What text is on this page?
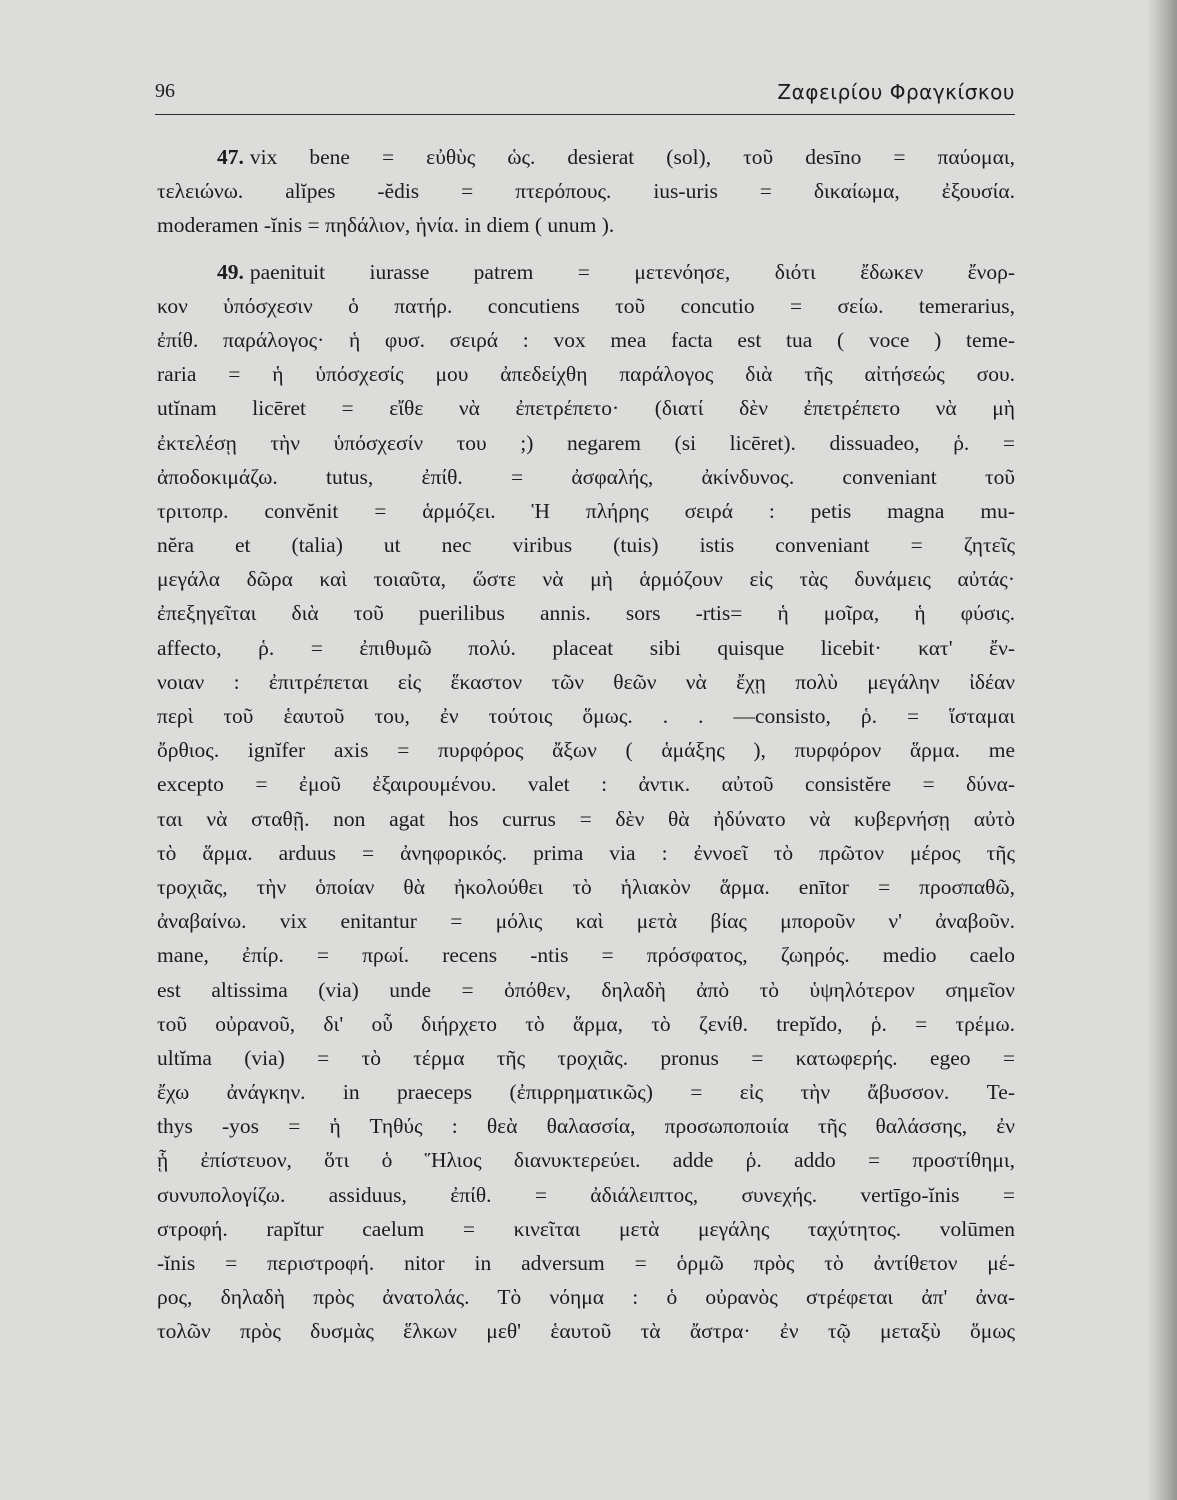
96	Ζαφειρίου Φραγκίσκου
47. vix bene = εὐθὺς ὡς. desierat (sol), τοῦ desīno = παύομαι,
τελειώνω. alĭpes -ĕdis = πτερόπους. ius-uris = δικαίωμα, ἐξουσία.
moderamen -ĭnis = πηδάλιον, ἡνία. in diem ( unum ).
49. paenituit iurasse patrem = μετενόησε, διότι ἔδωκεν ἔνορ-
κον ὑπόσχεσιν ὁ πατήρ. concutiens τοῦ concutio = σείω. temerarius,
ἐπίθ. παράλογος· ἡ φυσ. σειρά : vox mea facta est tua ( voce ) teme-
raria = ἡ ὑπόσχεσίς μου ἀπεδείχθη παράλογος διὰ τῆς αἰτήσεώς σου.
utĭnam licēret = εἴθε νὰ ἐπετρέπετο· (διατί δὲν ἐπετρέπετο νὰ μὴ
ἐκτελέσῃ τὴν ὑπόσχεσίν του ;) negarem (si licēret). dissuadeo, ῥ. =
ἀποδοκιμάζω. tutus, ἐπίθ. = ἀσφαλής, ἀκίνδυνος. conveniant τοῦ
τριτοπρ. convĕnit = ἁρμόζει. Ἡ πλήρης σειρά : petis magna mu-
nĕra et (talia) ut nec viribus (tuis) istis conveniant = ζητεῖς
μεγάλα δῶρα καὶ τοιαῦτα, ὥστε νὰ μὴ ἁρμόζουν εἰς τὰς δυνάμεις αὐτάς·
ἐπεξηγεῖται διὰ τοῦ puerilibus annis. sors -rtis= ἡ μοῖρα, ἡ φύσις.
affecto, ῥ. = ἐπιθυμῶ πολύ. placeat sibi quisque licebit· κατ' ἔν-
νοιαν : ἐπιτρέπεται εἰς ἕκαστον τῶν θεῶν νὰ ἔχῃ πολὺ μεγάλην ἰδέαν
περὶ τοῦ ἑαυτοῦ του, ἐν τούτοις ὅμως. . . —consisto, ῥ. = ἵσταμαι
ὄρθιος. ignĭfer axis = πυρφόρος ἄξων ( ἁμάξης ), πυρφόρον ἅρμα. me
excepto = ἐμοῦ ἐξαιρουμένου. valet : ἀντικ. αὐτοῦ consistĕre = δύνα-
ται νὰ σταθῇ. non agat hos currus = δὲν θὰ ἠδύνατο νὰ κυβερνήσῃ αὐτὸ
τὸ ἅρμα. arduus = ἀνηφορικός. prima via : ἐννοεῖ τὸ πρῶτον μέρος τῆς
τροχιᾶς, τὴν ὁποίαν θὰ ἠκολούθει τὸ ἡλιακὸν ἅρμα. enītor = προσπαθῶ,
ἀναβαίνω. vix enitantur = μόλις καὶ μετὰ βίας μποροῦν ν' ἀναβοῦν.
mane, ἐπίρ. = πρωί. recens -ntis = πρόσφατος, ζωηρός. medio caelo
est altissima (via) unde = ὁπόθεν, δηλαδὴ ἀπὸ τὸ ὑψηλότερον σημεῖον
τοῦ οὐρανοῦ, δι' οὗ διήρχετο τὸ ἅρμα, τὸ ζενίθ. trepĭdo, ῥ. = τρέμω.
ultĭma (via) = τὸ τέρμα τῆς τροχιᾶς. pronus = κατωφερής. egeo =
ἔχω ἀνάγκην. in praeceps (ἐπιρρηματικῶς) = εἰς τὴν ἄβυσσον. Te-
thys -yos = ἡ Τηθύς : θεὰ θαλασσία, προσωποποιία τῆς θαλάσσης, ἐν
ᾗ ἐπίστευον, ὅτι ὁ Ἥλιος διανυκτερεύει. adde ῥ. addo = προστίθημι,
συνυπολογίζω. assiduus, ἐπίθ. = ἀδιάλειπτος, συνεχής. vertīgo-ĭnis =
στροφή. rapĭtur caelum = κινεῖται μετὰ μεγάλης ταχύτητος. volūmen
-ĭnis = περιστροφή. nitor in adversum = ὁρμῶ πρὸς τὸ ἀντίθετον μέ-
ρος, δηλαδὴ πρὸς ἀνατολάς. Τὸ νόημα : ὁ οὐρανὸς στρέφεται ἀπ' ἀνα-
τολῶν πρὸς δυσμὰς ἕλκων μεθ' ἑαυτοῦ τὰ ἄστρα· ἐν τῷ μεταξὺ ὅμως
